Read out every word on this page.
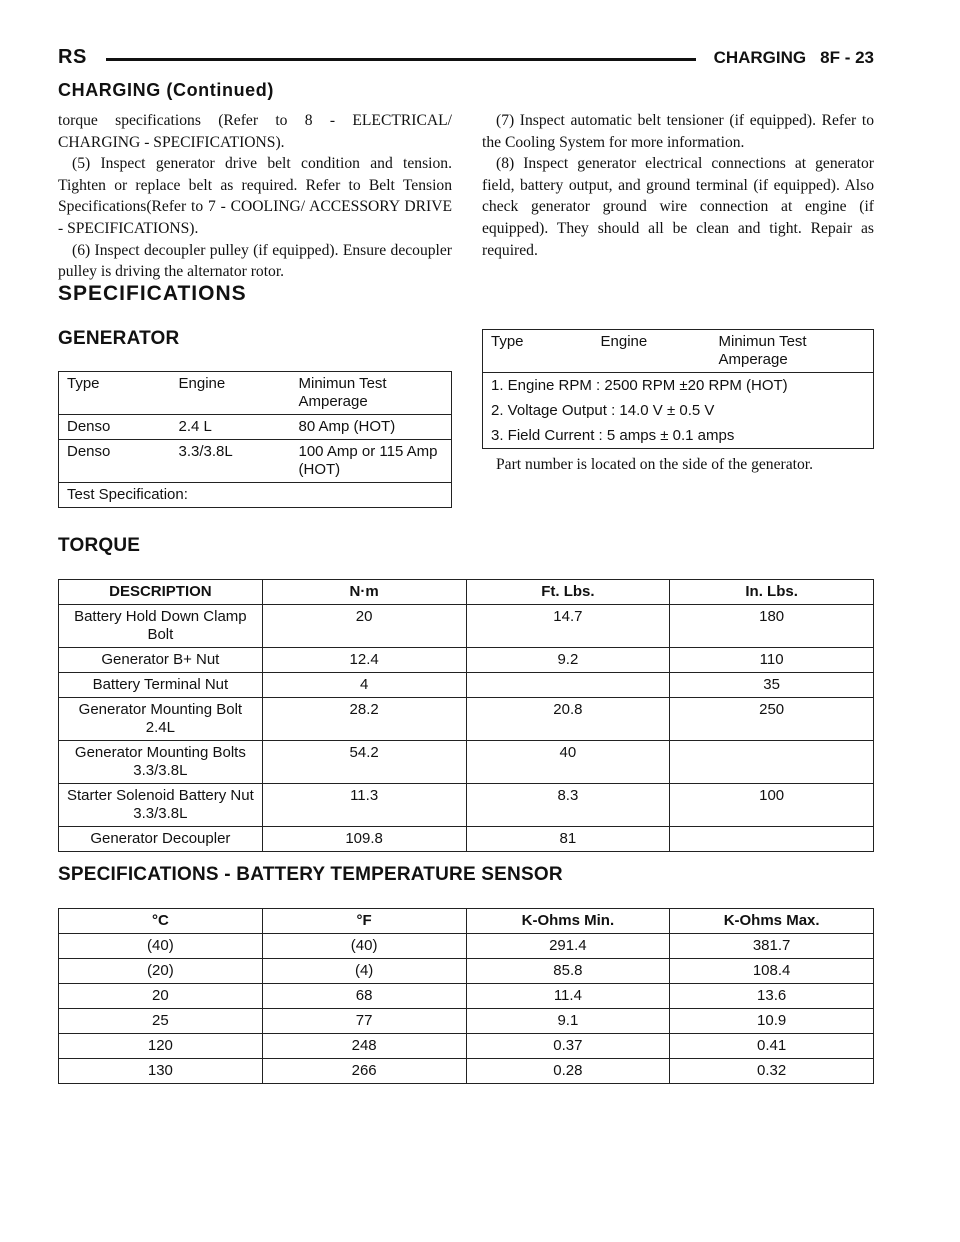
RS	CHARGING 8F - 23
CHARGING (Continued)

torque specifications (Refer to 8 - ELECTRICAL/ CHARGING - SPECIFICATIONS).

(5) Inspect generator drive belt condition and tension. Tighten or replace belt as required. Refer to Belt Tension Specifications(Refer to 7 - COOLING/ ACCESSORY DRIVE - SPECIFICATIONS).

(6) Inspect decoupler pulley (if equipped). Ensure decoupler pulley is driving the alternator rotor.

(7) Inspect automatic belt tensioner (if equipped). Refer to the Cooling System for more information.

(8) Inspect generator electrical connections at generator field, battery output, and ground terminal (if equipped). Also check generator ground wire connection at engine (if equipped). They should all be clean and tight. Repair as required.

SPECIFICATIONS
GENERATOR
Type	Engine	Minimun Test Amperage
Denso	2.4 L	80 Amp (HOT)
Denso	3.3/3.8L	100 Amp or 115 Amp (HOT)
Test Specification:		
Type	Engine	Minimun Test Amperage
1. Engine RPM : 2500 RPM ±20 RPM (HOT)
2. Voltage Output : 14.0 V ± 0.5 V
3. Field Current : 5 amps ± 0.1 amps

Part number is located on the side of the generator.

TORQUE
DESCRIPTION	N·m	Ft. Lbs.	In. Lbs.
Battery Hold Down Clamp Bolt	20	14.7	180
Generator B+ Nut	12.4	9.2	110
Battery Terminal Nut	4		35
Generator Mounting Bolt 2.4L	28.2	20.8	250
Generator Mounting Bolts 3.3/3.8L	54.2	40	
Starter Solenoid Battery Nut 3.3/3.8L	11.3	8.3	100
Generator Decoupler	109.8	81	
SPECIFICATIONS - BATTERY TEMPERATURE SENSOR
°C	°F	K-Ohms Min.	K-Ohms Max.
(40)	(40)	291.4	381.7
(20)	(4)	85.8	108.4
20	68	11.4	13.6
25	77	9.1	10.9
120	248	0.37	0.41
130	266	0.28	0.32
